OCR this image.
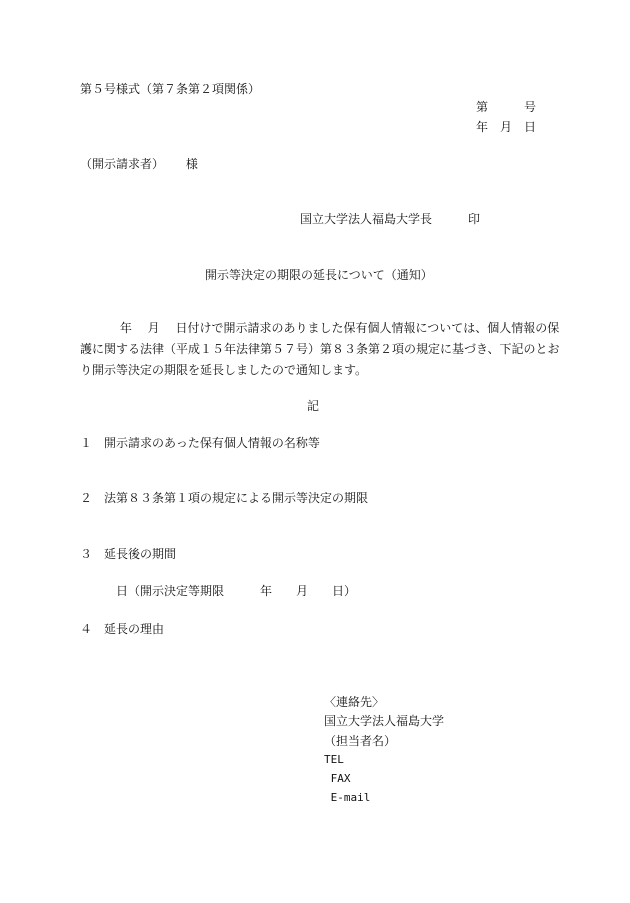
第５号様式（第７条第２項関係）
第　　　号
年　月　日
（開示請求者）　　 様
国立大学法人福島大学長　　　印
開示等決定の期限の延長について（通知）
　　　 年　 月　 日付けで開示請求のありました保有個人情報については、個人情報の保
護に関する法律（平成１５年法律第５７号）第８３条第２項の規定に基づき、下記のとお
り開示等決定の期限を延長しましたので通知します。
記
１　開示請求のあった保有個人情報の名称等
２　法第８３条第１項の規定による開示等決定の期限
３　延長後の期間
日（開示決定等期限　　　年　　月　　日）
４　延長の理由
〈連絡先〉
国立大学法人福島大学
（担当者名）
TEL
FAX
E-mail
